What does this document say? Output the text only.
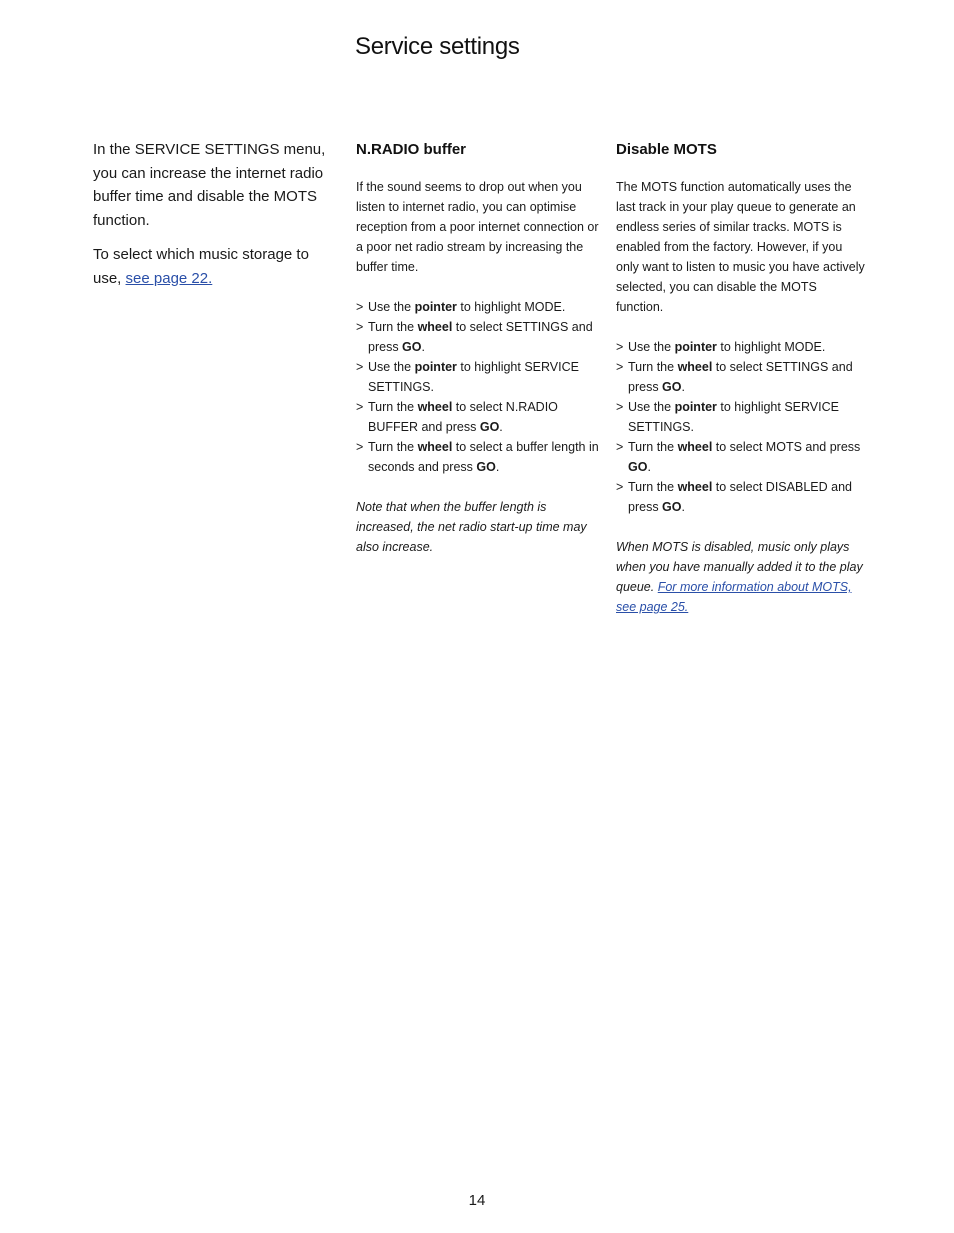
Service settings

In the SERVICE SETTINGS menu, you can increase the internet radio buffer time and disable the MOTS function.

To select which music storage to use, see page 22.

N.RADIO buffer

If the sound seems to drop out when you listen to internet radio, you can optimise reception from a poor internet connection or a poor net radio stream by increasing the buffer time.

> Use the pointer to highlight MODE.
> Turn the wheel to select SETTINGS and press GO.
> Use the pointer to highlight SERVICE SETTINGS.
> Turn the wheel to select N.RADIO BUFFER and press GO.
> Turn the wheel to select a buffer length in seconds and press GO.

Note that when the buffer length is increased, the net radio start-up time may also increase.

Disable MOTS

The MOTS function automatically uses the last track in your play queue to generate an endless series of similar tracks. MOTS is enabled from the factory. However, if you only want to listen to music you have actively selected, you can disable the MOTS function.

> Use the pointer to highlight MODE.
> Turn the wheel to select SETTINGS and press GO.
> Use the pointer to highlight SERVICE SETTINGS.
> Turn the wheel to select MOTS and press GO.
> Turn the wheel to select DISABLED and press GO.

When MOTS is disabled, music only plays when you have manually added it to the play queue. For more information about MOTS, see page 25.

14
